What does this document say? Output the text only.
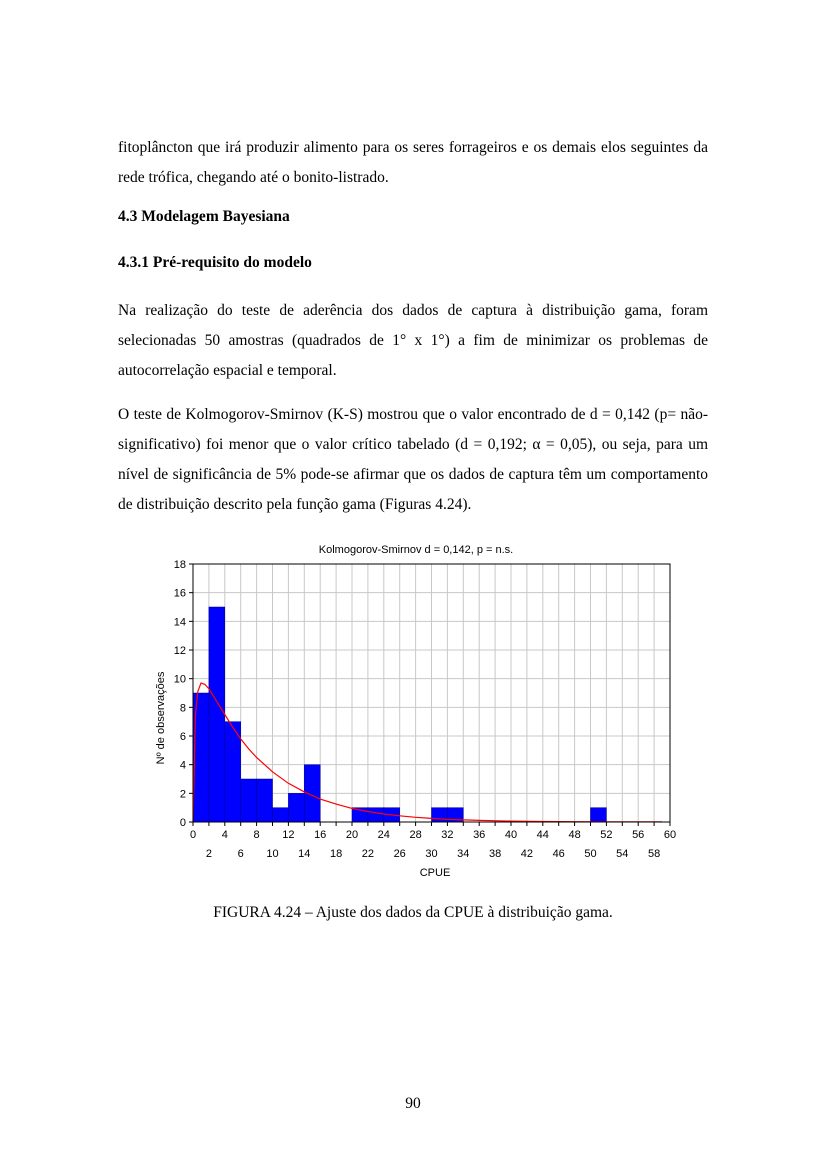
fitoplâncton que irá produzir alimento para os seres forrageiros e os demais elos seguintes da rede trófica, chegando até o bonito-listrado.
4.3 Modelagem Bayesiana
4.3.1 Pré-requisito do modelo
Na realização do teste de aderência dos dados de captura à distribuição gama, foram selecionadas 50 amostras (quadrados de 1° x 1°) a fim de minimizar os problemas de autocorrelação espacial e temporal.
O teste de Kolmogorov-Smirnov (K-S) mostrou que o valor encontrado de d = 0,142 (p= não-significativo) foi menor que o valor crítico tabelado (d = 0,192; α = 0,05), ou seja, para um nível de significância de 5% pode-se afirmar que os dados de captura têm um comportamento de distribuição descrito pela função gama (Figuras 4.24).
Kolmogorov-Smirnov d = 0,142, p = n.s.
0
2
4
6
8
10
12
14
16
18
0 4 8 12 16 20 24 28 32 36 40 44 48 52 56 60
2 6 10 14 18 22 26 30 34 38 42 46 50 54 58
CPUE
Nº de observações
FIGURA 4.24 – Ajuste dos dados da CPUE à distribuição gama.
90
